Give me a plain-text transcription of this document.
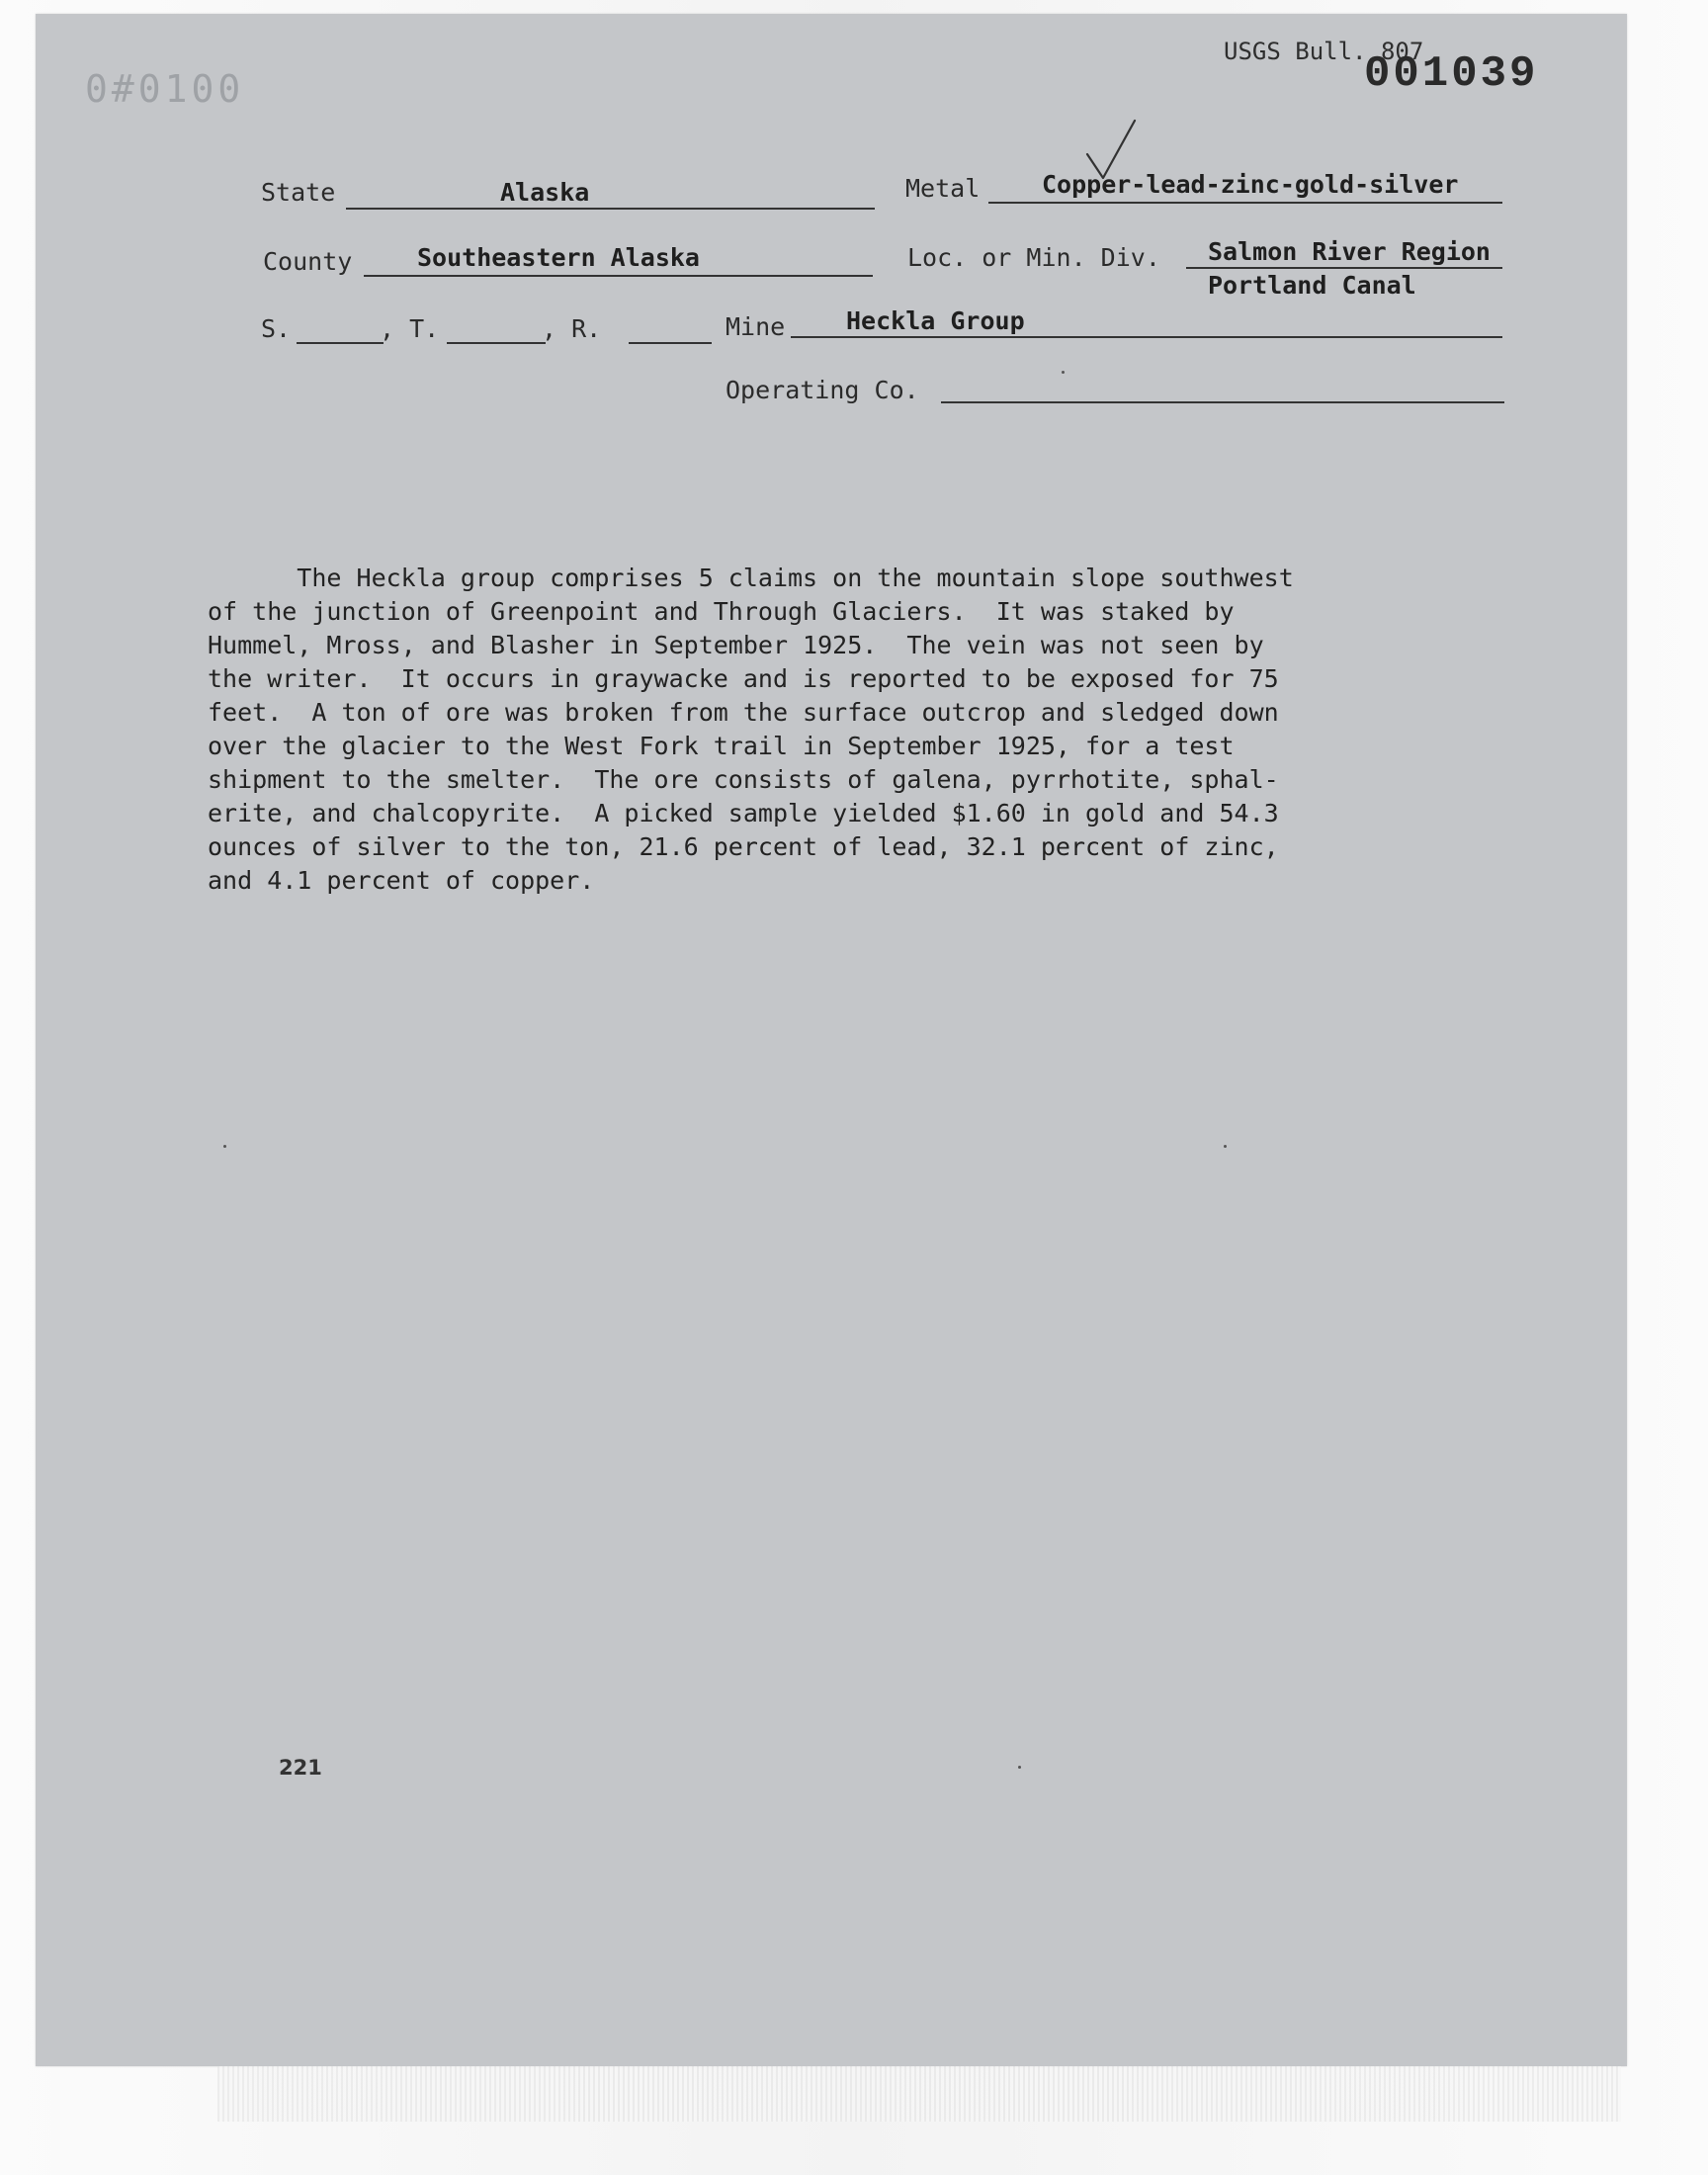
0#0100
USGS Bull. 807
001039
State	Alaska	Metal	Copper-lead-zinc-gold-silver
County	Southeastern Alaska	Loc. or Min. Div. Salmon River Region
Portland Canal
S.	, T.	, R.	Mine Heckla Group
Operating Co.
The Heckla group comprises 5 claims on the mountain slope southwest
of the junction of Greenpoint and Through Glaciers.  It was staked by
Hummel, Mross, and Blasher in September 1925.  The vein was not seen by
the writer.  It occurs in graywacke and is reported to be exposed for 75
feet.  A ton of ore was broken from the surface outcrop and sledged down
over the glacier to the West Fork trail in September 1925, for a test
shipment to the smelter.  The ore consists of galena, pyrrhotite, sphal-
erite, and chalcopyrite.  A picked sample yielded $1.60 in gold and 54.3
ounces of silver to the ton, 21.6 percent of lead, 32.1 percent of zinc,
and 4.1 percent of copper.
221
